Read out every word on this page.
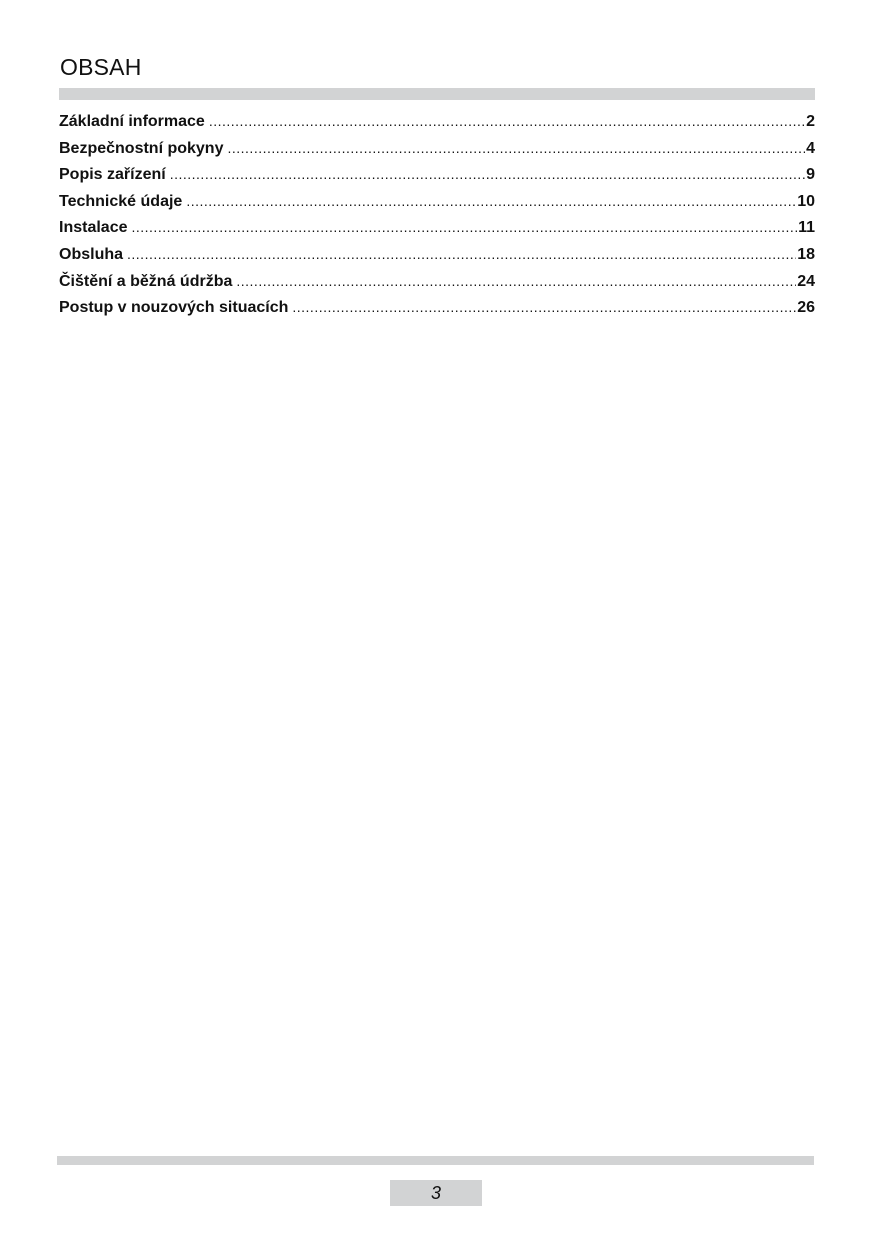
OBSAH
Základní informace .....	2
Bezpečnostní pokyny .....	4
Popis zařízení .....	9
Technické údaje .....	10
Instalace .....	11
Obsluha .....	18
Čištění a běžná údržba .....	24
Postup v nouzových situacích .....	26
3
